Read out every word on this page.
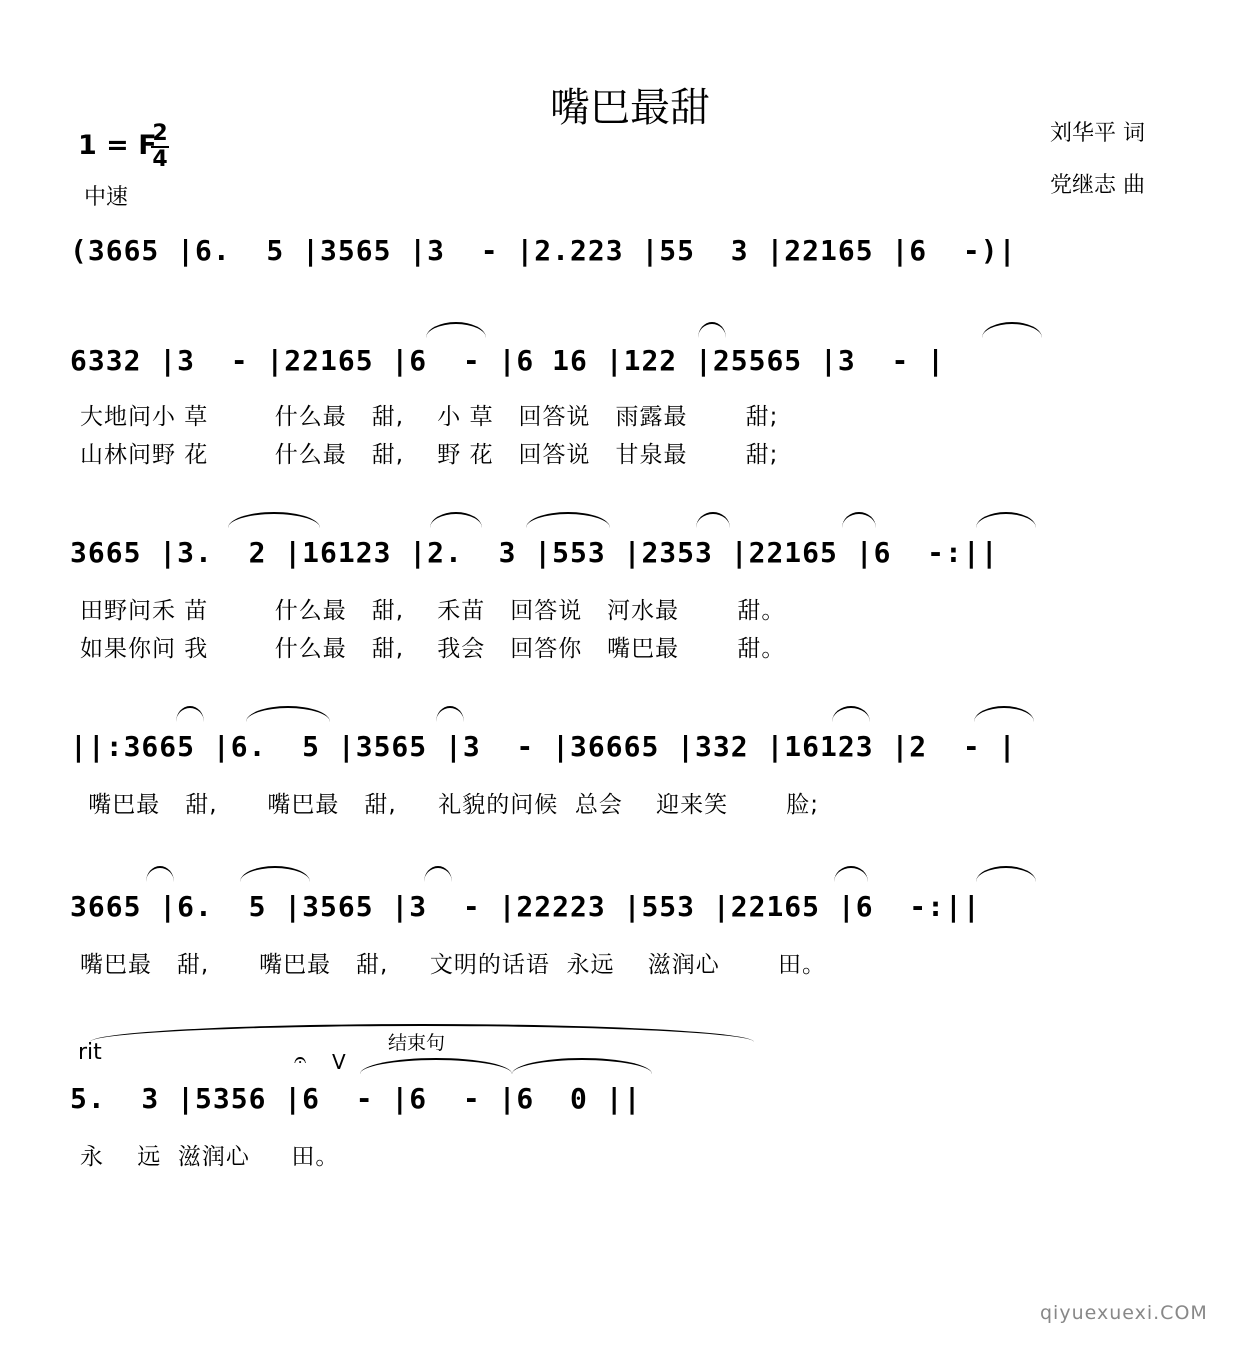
嘴巴最甜
1 = F
2
4
中速
刘华平 词
党继志 曲
(3665 |6.  5 |3565 |3  - |2.223 |55  3 |22165 |6  -)|
6332 |3  - |22165 |6  - |6 16 |122 |25565 |3  - |
大地问小 草        什么最   甜,    小 草   回答说   雨露最       甜;
山林问野 花        什么最   甜,    野 花   回答说   甘泉最       甜;
3665 |3.  2 |16123 |2.  3 |553 |2353 |22165 |6  -:||
田野问禾 苗        什么最   甜,    禾苗   回答说   河水最       甜。
如果你问 我        什么最   甜,    我会   回答你   嘴巴最       甜。
||:3665 |6.  5 |3565 |3  - |36665 |332 |16123 |2  - |
嘴巴最   甜,      嘴巴最   甜,     礼貌的问候  总会    迎来笑       脸;
3665 |6.  5 |3565 |3  - |22223 |553 |22165 |6  -:||
嘴巴最   甜,      嘴巴最   甜,     文明的话语  永远    滋润心       田。
rit	结束句
𝄐 V
5.  3 |5356 |6  - |6  - |6  0 ||
永    远  滋润心     田。
qiyuexuexi.COM
